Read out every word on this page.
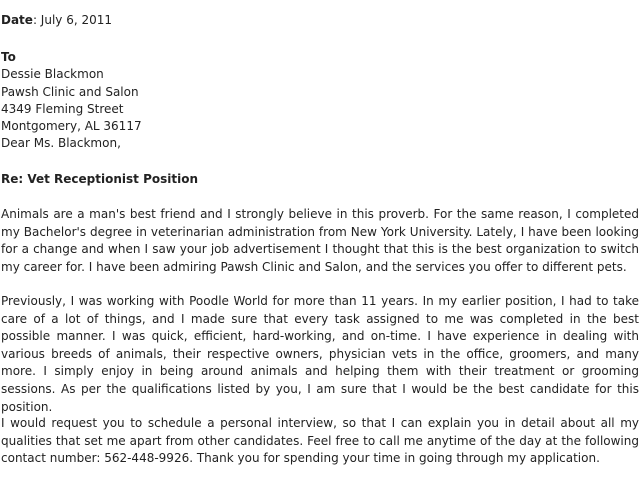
Date: July 6, 2011
To
Dessie Blackmon
Pawsh Clinic and Salon
4349 Fleming Street
Montgomery, AL 36117
Dear Ms. Blackmon,
Re: Vet Receptionist Position
Animals are a man's best friend and I strongly believe in this proverb. For the same reason, I completed my Bachelor's degree in veterinarian administration from New York University. Lately, I have been looking for a change and when I saw your job advertisement I thought that this is the best organization to switch my career for. I have been admiring Pawsh Clinic and Salon, and the services you offer to different pets.
Previously, I was working with Poodle World for more than 11 years. In my earlier position, I had to take care of a lot of things, and I made sure that every task assigned to me was completed in the best possible manner. I was quick, efficient, hard-working, and on-time. I have experience in dealing with various breeds of animals, their respective owners, physician vets in the office, groomers, and many more. I simply enjoy in being around animals and helping them with their treatment or grooming sessions. As per the qualifications listed by you, I am sure that I would be the best candidate for this position.
I would request you to schedule a personal interview, so that I can explain you in detail about all my qualities that set me apart from other candidates. Feel free to call me anytime of the day at the following contact number: 562-448-9926. Thank you for spending your time in going through my application.
